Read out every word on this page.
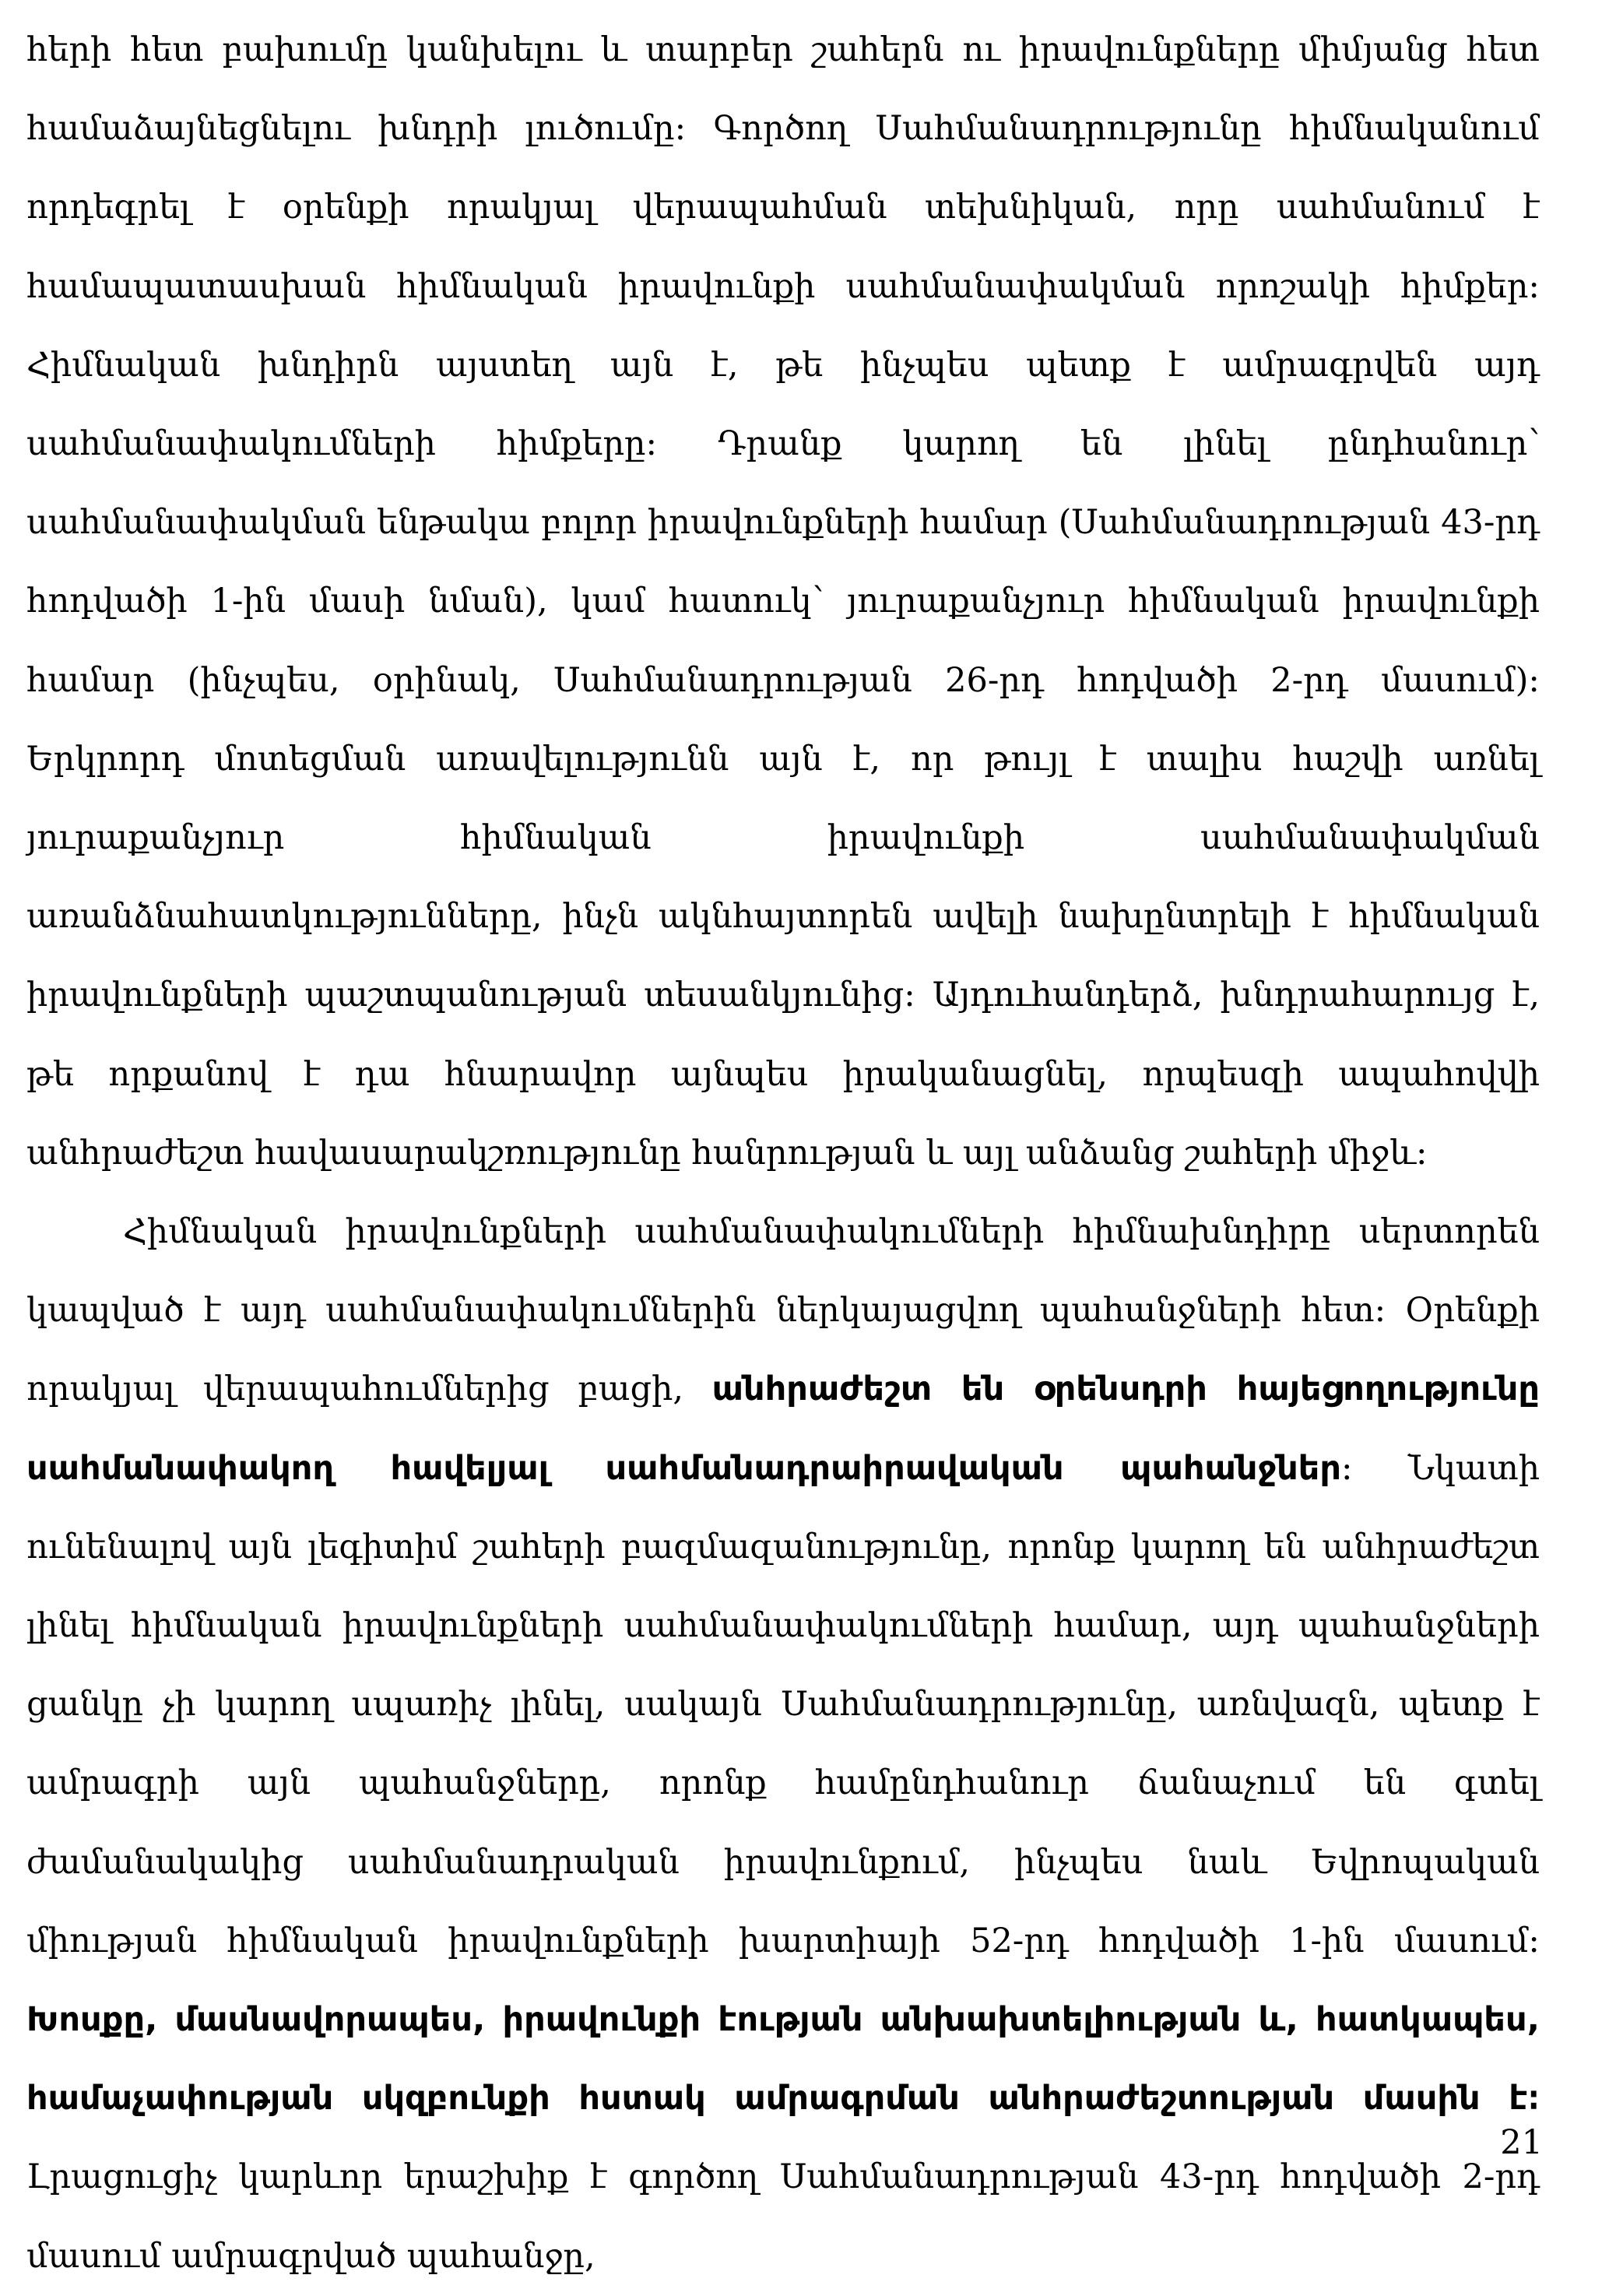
հերի հետ բախումը կանխելու և տարբեր շահերն ու իրավունքները միմյանց հետ համաձայնեցնելու խնդրի լուծումը։ Գործող Սահմանադրությունը հիմնականում որդեգրել է օրենքի որակյալ վերապահման տեխնիկան, որը սահմանում է համապատասխան հիմնական իրավունքի սահմանափակման որոշակի հիմքեր։ Հիմնական խնդիրն այստեղ այն է, թե ինչպես պետք է ամրագրվեն այդ սահմանափակումների հիմքերը։ Դրանք կարող են լինել ընդհանուր՝ սահմանափակման ենթակա բոլոր իրավունքների համար (Սահմանադրության 43-րդ հոդվածի 1-ին մասի նման), կամ հատուկ՝ յուրաքանչյուր հիմնական իրավունքի համար (ինչպես, օրինակ, Սահմանադրության 26-րդ հոդվածի 2-րդ մասում)։ Երկրորդ մոտեցման առավելությունն այն է, որ թույլ է տալիս հաշվի առնել յուրաքանչյուր հիմնական իրավունքի սահմանափակման առանձնահատկությունները, ինչն ակնհայտորեն ավելի նախընտրելի է հիմնական իրավունքների պաշտպանության տեսանկյունից։ Այդուհանդերձ, խնդրահարույց է, թե որքանով է դա հնարավոր այնպես իրականացնել, որպեսզի ապահովվի անհրաժեշտ հավասարակշռությունը հանրության և այլ անձանց շահերի միջև։

Հիմնական իրավունքների սահմանափակումների հիմնախնդիրը սերտորեն կապված է այդ սահմանափակումներին ներկայացվող պահանջների հետ։ Օրենքի որակյալ վերապահումներից բացի, անհրաժեշտ են օրենսդրի հայեցողությունը սահմանափակող հավելյալ սահմանադրաիրավական պահանջներ։ Նկատի ունենալով այն լեգիտիմ շահերի բազմազանությունը, որոնք կարող են անհրաժեշտ լինել հիմնական իրավունքների սահմանափակումների համար, այդ պահանջների ցանկը չի կարող սպառիչ լինել, սակայն Սահմանադրությունը, առնվազն, պետք է ամրագրի այն պահանջները, որոնք համընդհանուր ճանաչում են գտել ժամանակակից սահմանադրական իրավունքում, ինչպես նաև Եվրոպական միության հիմնական իրավունքների խարտիայի 52-րդ հոդվածի 1-ին մասում։ Խոսքը, մասնավորապես, իրավունքի էության անխախտելիության և, հատկապես, համաչափության սկզբունքի հստակ ամրագրման անհրաժեշտության մասին է։ Լրացուցիչ կարևոր երաշխիք է գործող Սահմանադրության 43-րդ հոդվածի 2-րդ մասում ամրագրված պահանջը,

21
